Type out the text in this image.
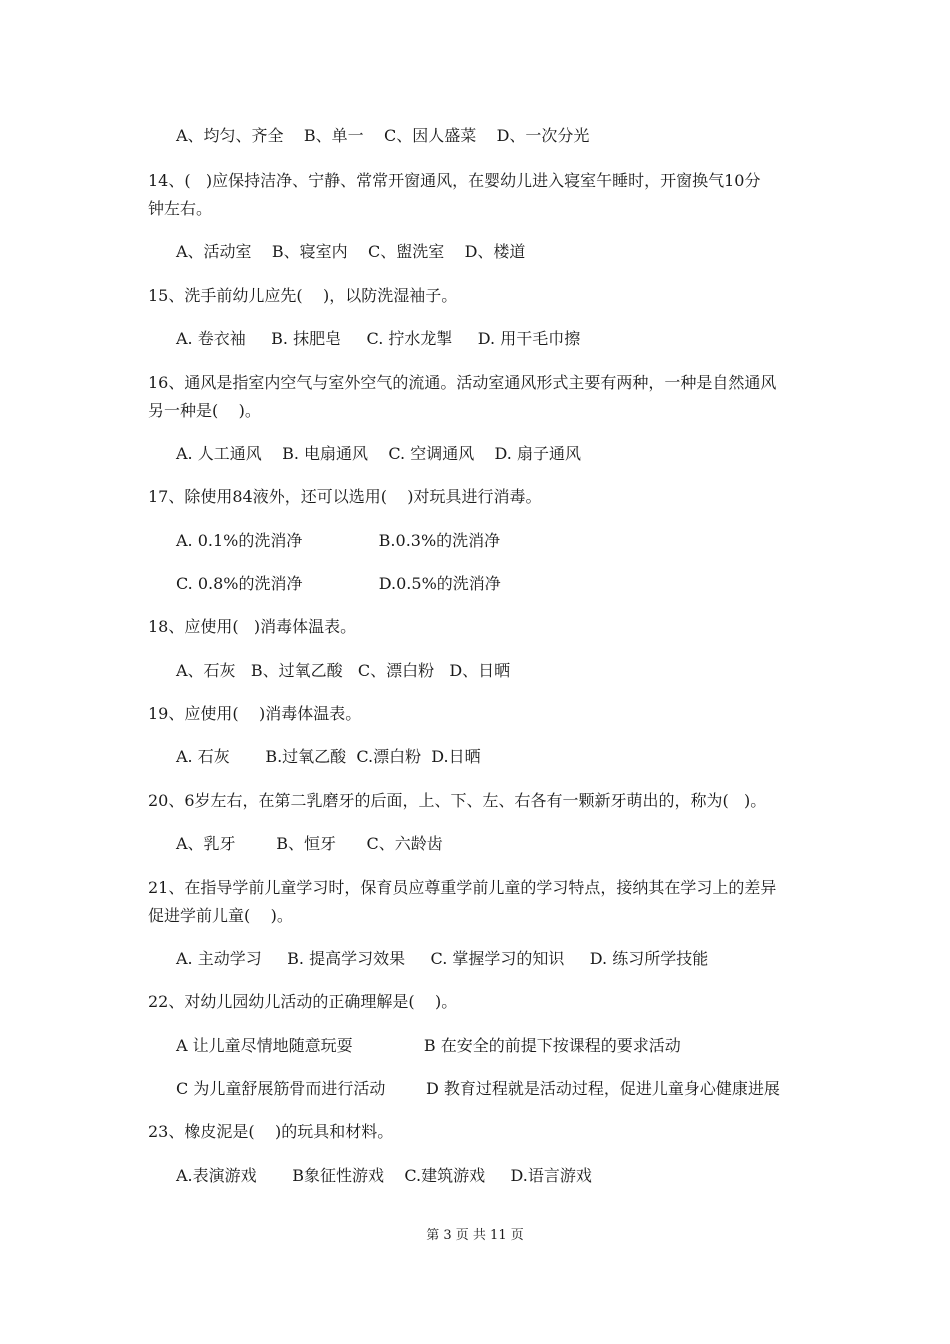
A、均匀、齐全    B、单一    C、因人盛菜    D、一次分光
14、(   )应保持洁净、宁静、常常开窗通风，在婴幼儿进入寝室午睡时，开窗换气10分
钟左右。
A、活动室    B、寝室内    C、盥洗室    D、楼道
15、洗手前幼儿应先(    )，以防洗湿袖子。
A. 卷衣袖     B. 抹肥皂     C. 拧水龙掣     D. 用干毛巾擦
16、通风是指室内空气与室外空气的流通。活动室通风形式主要有两种，一种是自然通风
另一种是(    )。
A. 人工通风    B. 电扇通风    C. 空调通风    D. 扇子通风
17、除使用84液外，还可以选用(    )对玩具进行消毒。
A. 0.1%的洗消净               B.0.3%的洗消净
C. 0.8%的洗消净               D.0.5%的洗消净
18、应使用(   )消毒体温表。
A、石灰   B、过氧乙酸   C、漂白粉   D、日晒
19、应使用(    )消毒体温表。
A. 石灰       B.过氧乙酸  C.漂白粉  D.日晒
20、6岁左右，在第二乳磨牙的后面，上、下、左、右各有一颗新牙萌出的，称为(   )。
A、乳牙        B、恒牙      C、六龄齿
21、在指导学前儿童学习时，保育员应尊重学前儿童的学习特点，接纳其在学习上的差异
促进学前儿童(    )。
A. 主动学习     B. 提高学习效果     C. 掌握学习的知识     D. 练习所学技能
22、对幼儿园幼儿活动的正确理解是(    )。
A 让儿童尽情地随意玩耍              B 在安全的前提下按课程的要求活动
C 为儿童舒展筋骨而进行活动        D 教育过程就是活动过程，促进儿童身心健康进展
23、橡皮泥是(    )的玩具和材料。
A.表演游戏       B象征性游戏    C.建筑游戏     D.语言游戏
第 3 页 共 11 页
